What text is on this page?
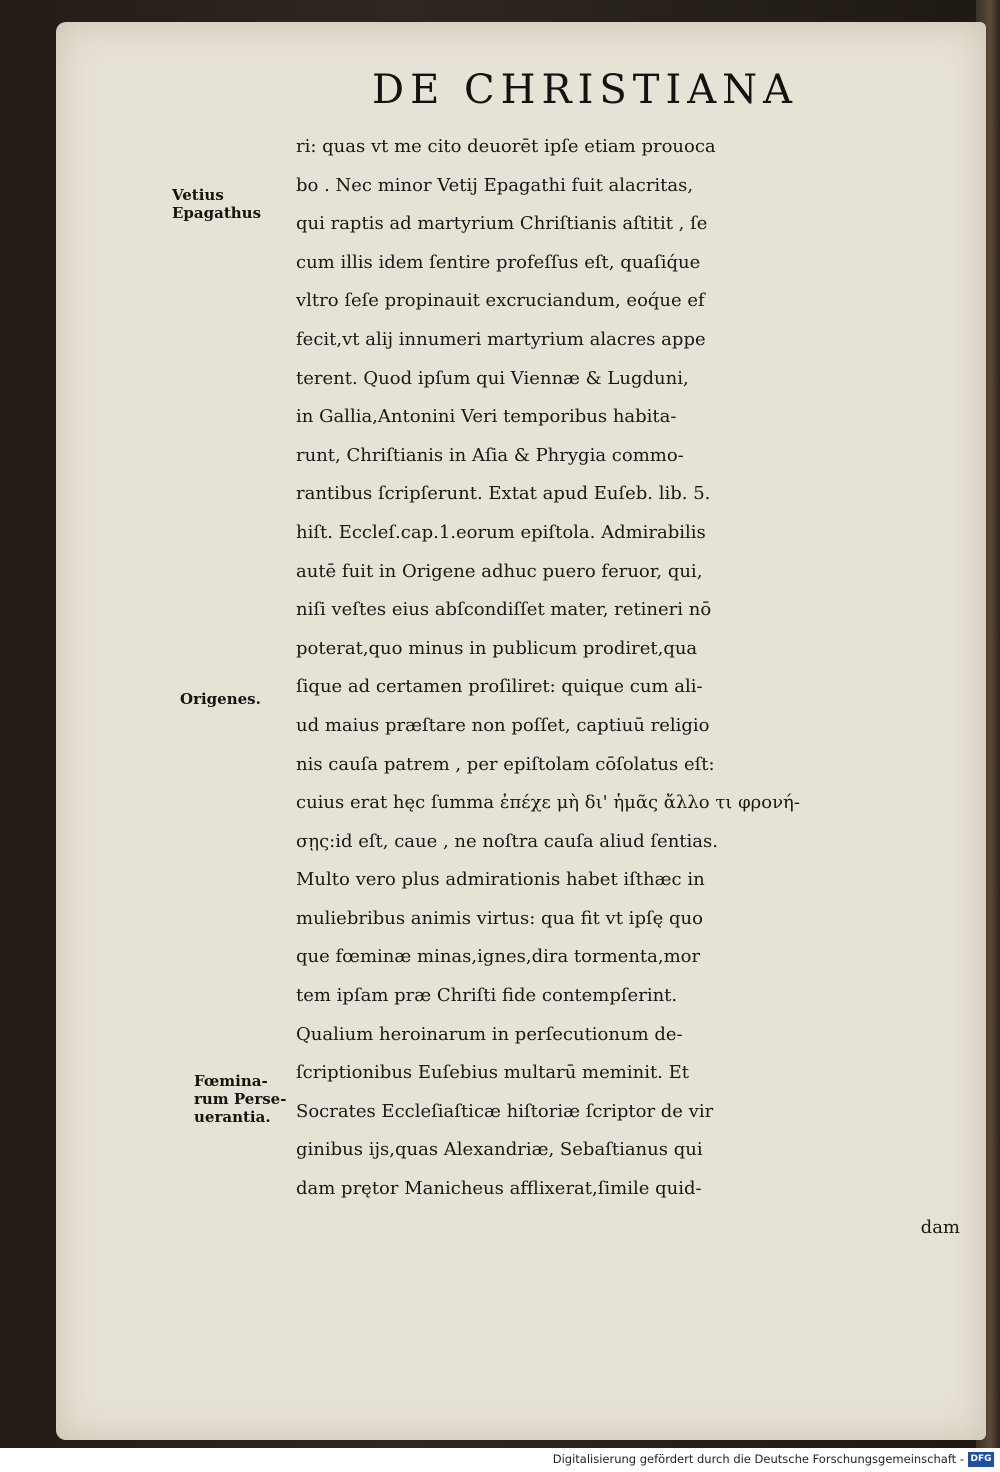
DE CHRISTIANA
Vetius
Epagathus
Origenes.
Fœmina-
rum Perse-
uerantia.
ri: quas vt me cito deuorēt ipſe etiam prouoca
bo . Nec minor Vetij Epagathi fuit alacritas,
qui raptis ad martyrium Chriſtianis aſtitit , ſe
cum illis idem ſentire profeſſus eſt, quaſiq́ue
vltro ſeſe propinauit excruciandum, eoq́ue ef
fecit,vt alij innumeri martyrium alacres appe
terent. Quod ipſum qui Viennæ & Lugduni,
in Gallia,Antonini Veri temporibus habita-
runt, Chriſtianis in Aſia & Phrygia commo-
rantibus ſcripſerunt. Extat apud Euſeb. lib. 5.
hiſt. Eccleſ.cap.1.eorum epiſtola. Admirabilis
autē fuit in Origene adhuc puero feruor, qui,
niſi veſtes eius abſcondiſſet mater, retineri nō
poterat,quo minus in publicum prodiret,qua
ſique ad certamen proſiliret: quique cum ali-
ud maius præſtare non poſſet, captiuū religio
nis cauſa patrem , per epiſtolam cōſolatus eſt:
cuius erat hęc ſumma ἐπέχε μὴ δι' ἡμᾶς ἄλλο τι φρονή-
σῃς:id eſt, caue , ne noſtra cauſa aliud ſentias.
Multo vero plus admirationis habet iſthæc in
muliebribus animis virtus: qua fit vt ipſę quo
que fœminæ minas,ignes,dira tormenta,mor
tem ipſam præ Chriſti fide contempſerint.
Qualium heroinarum in perſecutionum de-
ſcriptionibus Euſebius multarū meminit. Et
Socrates Eccleſiaſticæ hiſtoriæ ſcriptor de vir
ginibus ijs,quas Alexandriæ, Sebaſtianus qui
dam prętor Manicheus afflixerat,ſimile quid-
dam
Digitalisierung gefördert durch die Deutsche Forschungsgemeinschaft - DFG
